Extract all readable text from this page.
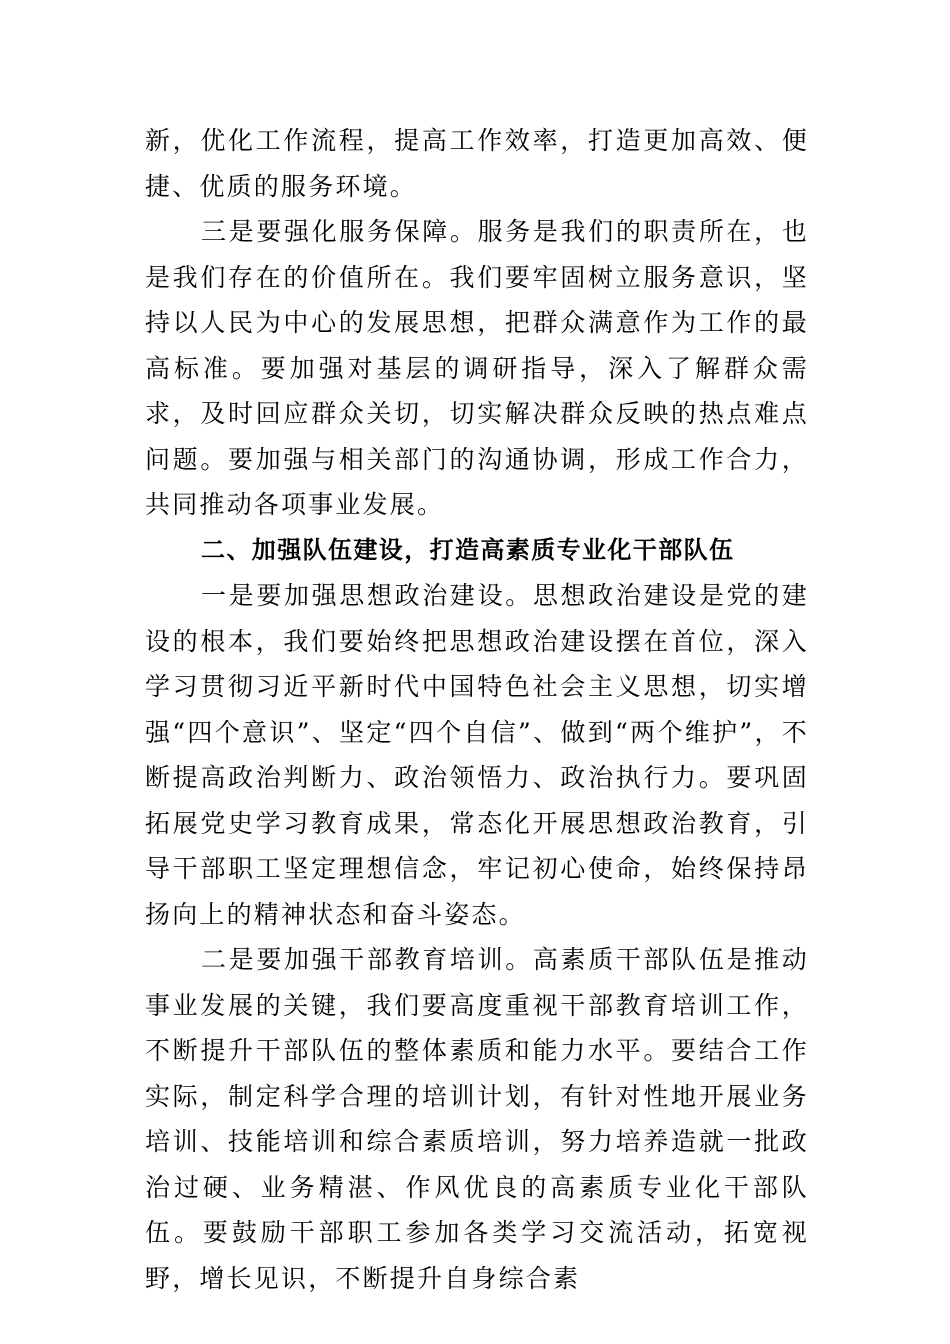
新，优化工作流程，提高工作效率，打造更加高效、便捷、优质的服务环境。

三是要强化服务保障。服务是我们的职责所在，也是我们存在的价值所在。我们要牢固树立服务意识，坚持以人民为中心的发展思想，把群众满意作为工作的最高标准。要加强对基层的调研指导，深入了解群众需求，及时回应群众关切，切实解决群众反映的热点难点问题。要加强与相关部门的沟通协调，形成工作合力，共同推动各项事业发展。

二、加强队伍建设，打造高素质专业化干部队伍

一是要加强思想政治建设。思想政治建设是党的建设的根本，我们要始终把思想政治建设摆在首位，深入学习贯彻习近平新时代中国特色社会主义思想，切实增强“四个意识”、坚定“四个自信”、做到“两个维护”，不断提高政治判断力、政治领悟力、政治执行力。要巩固拓展党史学习教育成果，常态化开展思想政治教育，引导干部职工坚定理想信念，牢记初心使命，始终保持昂扬向上的精神状态和奋斗姿态。

二是要加强干部教育培训。高素质干部队伍是推动事业发展的关键，我们要高度重视干部教育培训工作，不断提升干部队伍的整体素质和能力水平。要结合工作实际，制定科学合理的培训计划，有针对性地开展业务培训、技能培训和综合素质培训，努力培养造就一批政治过硬、业务精湛、作风优良的高素质专业化干部队伍。要鼓励干部职工参加各类学习交流活动，拓宽视野，增长见识，不断提升自身综合素
